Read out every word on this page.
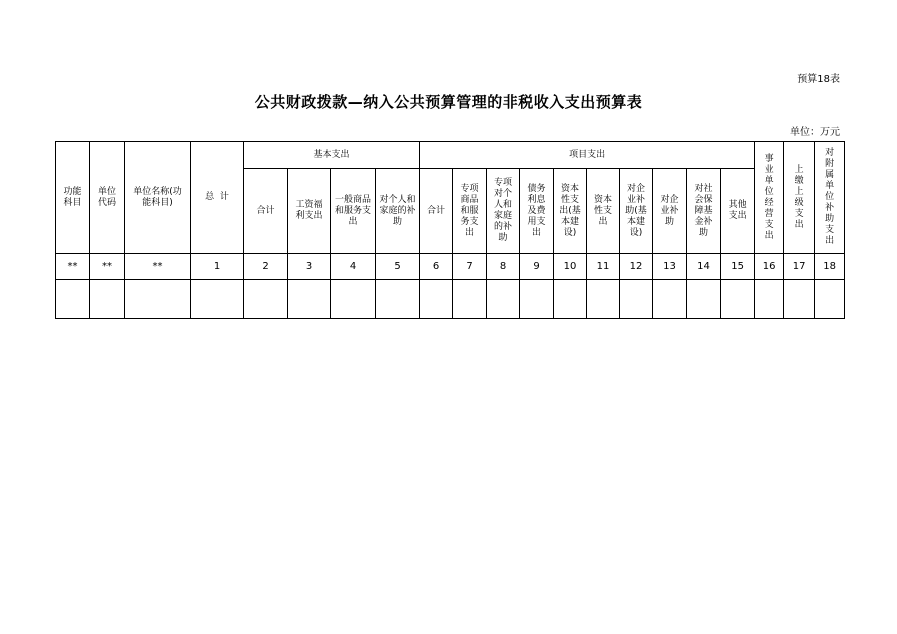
预算18表
公共财政拨款—纳入公共预算管理的非税收入支出预算表
单位：万元
功能科目	单位代码	单位名称(功能科目)	总  计	基本支出				项目支出										事业单位经营支出	上缴上级支出	对附属单位补助支出
				合计	工资福利支出	一般商品和服务支出	对个人和家庭的补助	合计	专项商品和服务支出	专项对个人和家庭的补助	债务利息及费用支出	资本性支出(基本建设)	资本性支出	对企业补助(基本建设)	对企业补助	对社会保障基金补助	其他支出			
**	**	**	1	2	3	4	5	6	7	8	9	10	11	12	13	14	15	16	17	18
